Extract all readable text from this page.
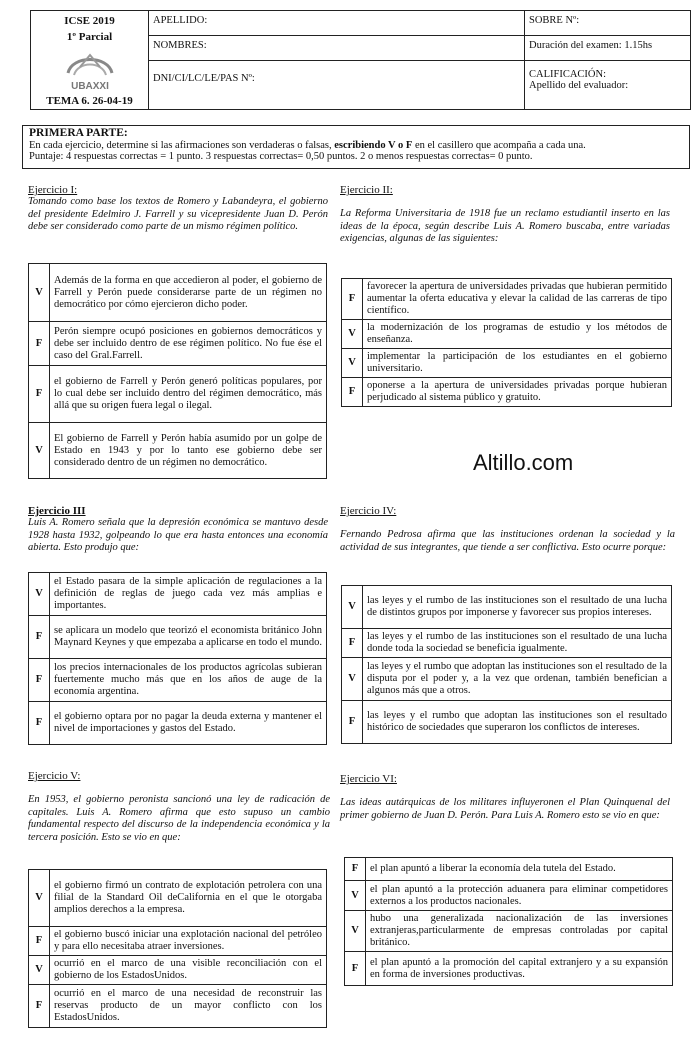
ICSE 2019
1º Parcial
UBAXXI
TEMA 6. 26-04-19
APELLIDO:
NOMBRES:
DNI/CI/LC/LE/PAS Nº:
SOBRE Nº:
Duración del examen: 1.15hs
CALIFICACIÓN:
Apellido del evaluador:
PRIMERA PARTE:
En cada ejercicio, determine si las afirmaciones son verdaderas o falsas, escribiendo V o F en el casillero que acompaña a cada una.
Puntaje: 4 respuestas correctas = 1 punto. 3 respuestas correctas= 0,50 puntos. 2 o menos respuestas correctas= 0 punto.
Ejercicio I:
Tomando como base los textos de Romero y Labandeyra, el gobierno del presidente Edelmiro J. Farrell y su vicepresidente Juan D. Perón debe ser considerado como parte de un mismo régimen político.
V	Además de la forma en que accedieron al poder, el gobierno de Farrell y Perón puede considerarse parte de un régimen no democrático por cómo ejercieron dicho poder.
F	Perón siempre ocupó posiciones en gobiernos democráticos y debe ser incluido dentro de ese régimen político. No fue ése el caso del Gral.Farrell.
F	el gobierno de Farrell y Perón generó políticas populares, por lo cual debe ser incluido dentro del régimen democrático, más allá que su origen fuera legal o ilegal.
V	El gobierno de Farrell y Perón había asumido por un golpe de Estado en 1943 y por lo tanto ese gobierno debe ser considerado dentro de un régimen no democrático.
Ejercicio II:
La Reforma Universitaria de 1918 fue un reclamo estudiantil inserto en las ideas de la época, según describe Luis A. Romero buscaba, entre variadas exigencias, algunas de las siguientes:
F	favorecer la apertura de universidades privadas que hubieran permitido aumentar la oferta educativa y elevar la calidad de las carreras de tipo científico.
V	la modernización de los programas de estudio y los métodos de enseñanza.
V	implementar la participación de los estudiantes en el gobierno universitario.
F	oponerse a la apertura de universidades privadas porque hubieran perjudicado al sistema público y gratuito.
Altillo.com
Ejercicio III
Luis A. Romero señala que la depresión económica se mantuvo desde 1928 hasta 1932, golpeando lo que era hasta entonces una economía abierta. Esto produjo que:
V	el Estado pasara de la simple aplicación de regulaciones a la definición de reglas de juego cada vez más amplias e importantes.
F	se aplicara un modelo que teorizó el economista británico John Maynard Keynes y que empezaba a aplicarse en todo el mundo.
F	los precios internacionales de los productos agrícolas subieran fuertemente mucho más que en los años de auge de la economía argentina.
F	el gobierno optara por no pagar la deuda externa y mantener el nivel de importaciones y gastos del Estado.
Ejercicio IV:
Fernando Pedrosa afirma que las instituciones ordenan la sociedad y la actividad de sus integrantes, que tiende a ser conflictiva. Esto ocurre porque:
V	las leyes y el rumbo de las instituciones son el resultado de una lucha de distintos grupos por imponerse y favorecer sus propios intereses.
F	las leyes y el rumbo de las instituciones son el resultado de una lucha donde toda la sociedad se beneficia igualmente.
V	las leyes y el rumbo que adoptan las instituciones son el resultado de la disputa por el poder y, a la vez que ordenan, también benefician a algunos más que a otros.
F	las leyes y el rumbo que adoptan las instituciones son el resultado histórico de sociedades que superaron los conflictos de intereses.
Ejercicio V:
En 1953, el gobierno peronista sancionó una ley de radicación de capitales. Luis A. Romero afirma que esto supuso un cambio fundamental respecto del discurso de la independencia económica y la tercera posición. Esto se vio en que:
V	el gobierno firmó un contrato de explotación petrolera con una filial de la Standard Oil deCalifornia en el que le otorgaba amplios derechos a la empresa.
F	el gobierno buscó iniciar una explotación nacional del petróleo y para ello necesitaba atraer inversiones.
V	ocurrió en el marco de una visible reconciliación con el gobierno de los EstadosUnidos.
F	ocurrió en el marco de una necesidad de reconstruir las reservas producto de un mayor conflicto con los EstadosUnidos.
Ejercicio VI:
Las ideas autárquicas de los militares influyeronen el Plan Quinquenal del primer gobierno de Juan D. Perón. Para Luis A. Romero esto se vio en que:
F	el plan apuntó a liberar la economía dela tutela del Estado.
V	el plan apuntó a la protección aduanera para eliminar competidores externos a los productos nacionales.
V	hubo una generalizada nacionalización de las inversiones extranjeras,particularmente de empresas controladas por capital británico.
F	el plan apuntó a la promoción del capital extranjero y a su expansión en forma de inversiones productivas.
